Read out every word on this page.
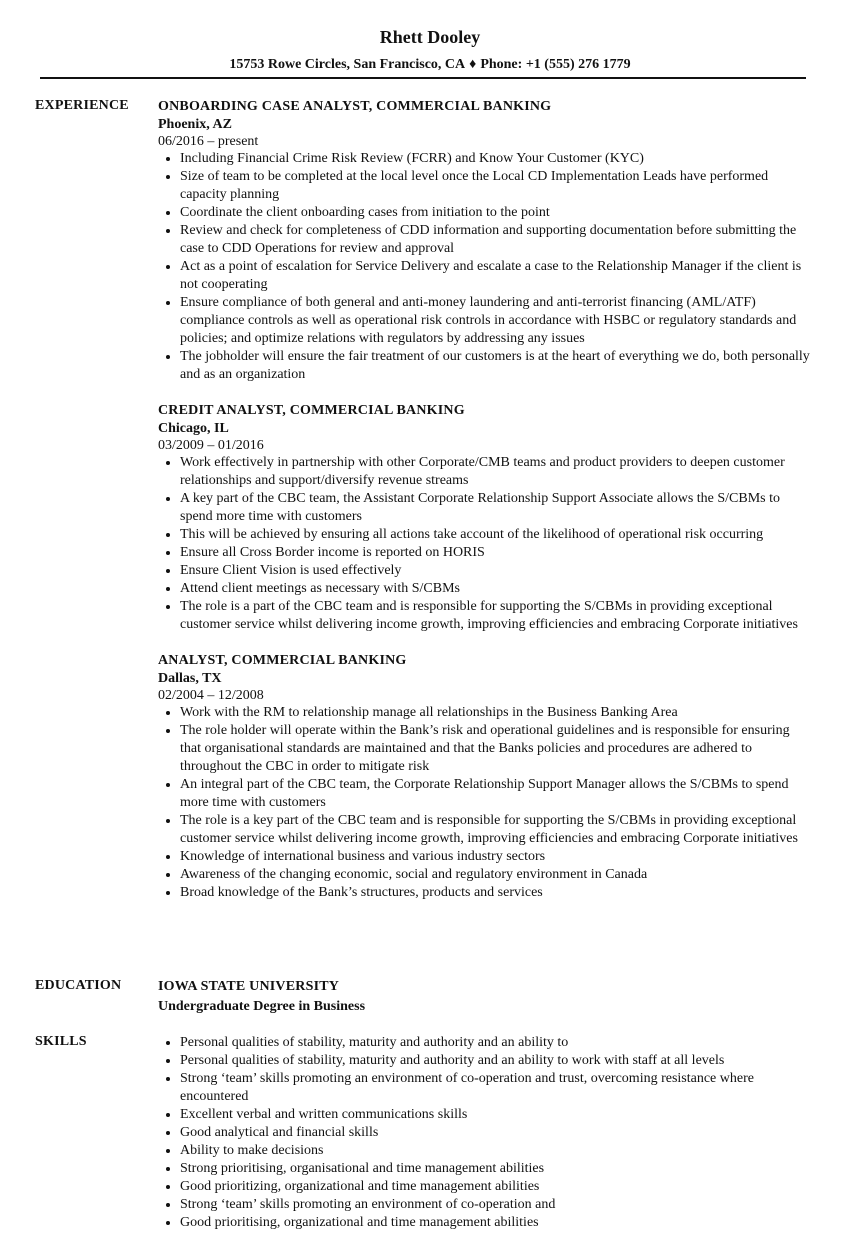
Rhett Dooley
15753 Rowe Circles, San Francisco, CA ♦ Phone: +1 (555) 276 1779
EXPERIENCE ONBOARDING CASE ANALYST, COMMERCIAL BANKING
Phoenix, AZ
06/2016 – present
• Including Financial Crime Risk Review (FCRR) and Know Your Customer (KYC)
• Size of team to be completed at the local level once the Local CD Implementation Leads have performed capacity planning
• Coordinate the client onboarding cases from initiation to the point
• Review and check for completeness of CDD information and supporting documentation before submitting the case to CDD Operations for review and approval
• Act as a point of escalation for Service Delivery and escalate a case to the Relationship Manager if the client is not cooperating
• Ensure compliance of both general and anti-money laundering and anti-terrorist financing (AML/ATF) compliance controls as well as operational risk controls in accordance with HSBC or regulatory standards and policies; and optimize relations with regulators by addressing any issues
• The jobholder will ensure the fair treatment of our customers is at the heart of everything we do, both personally and as an organization
CREDIT ANALYST, COMMERCIAL BANKING
Chicago, IL
03/2009 – 01/2016
• Work effectively in partnership with other Corporate/CMB teams and product providers to deepen customer relationships and support/diversify revenue streams
• A key part of the CBC team, the Assistant Corporate Relationship Support Associate allows the S/CBMs to spend more time with customers
• This will be achieved by ensuring all actions take account of the likelihood of operational risk occurring
• Ensure all Cross Border income is reported on HORIS
• Ensure Client Vision is used effectively
• Attend client meetings as necessary with S/CBMs
• The role is a part of the CBC team and is responsible for supporting the S/CBMs in providing exceptional customer service whilst delivering income growth, improving efficiencies and embracing Corporate initiatives
ANALYST, COMMERCIAL BANKING
Dallas, TX
02/2004 – 12/2008
• Work with the RM to relationship manage all relationships in the Business Banking Area
• The role holder will operate within the Bank’s risk and operational guidelines and is responsible for ensuring that organisational standards are maintained and that the Banks policies and procedures are adhered to throughout the CBC in order to mitigate risk
• An integral part of the CBC team, the Corporate Relationship Support Manager allows the S/CBMs to spend more time with customers
• The role is a key part of the CBC team and is responsible for supporting the S/CBMs in providing exceptional customer service whilst delivering income growth, improving efficiencies and embracing Corporate initiatives
• Knowledge of international business and various industry sectors
• Awareness of the changing economic, social and regulatory environment in Canada
• Broad knowledge of the Bank’s structures, products and services
EDUCATION	IOWA STATE UNIVERSITY
Undergraduate Degree in Business
SKILLS
•	Personal qualities of stability, maturity and authority and an ability to
• Personal qualities of stability, maturity and authority and an ability to work with staff at all levels
• Strong ‘team’ skills promoting an environment of co-operation and trust, overcoming resistance where encountered
• Excellent verbal and written communications skills
• Good analytical and financial skills
• Ability to make decisions
• Strong prioritising, organisational and time management abilities
• Good prioritizing, organizational and time management abilities
• Strong ‘team’ skills promoting an environment of co-operation and
• Good prioritising, organizational and time management abilities
